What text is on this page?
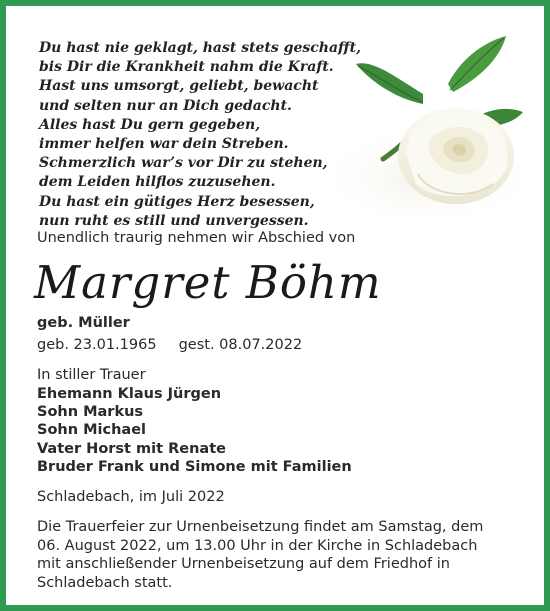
Du hast nie geklagt, hast stets geschafft,
bis Dir die Krankheit nahm die Kraft.
Hast uns umsorgt, geliebt, bewacht
und selten nur an Dich gedacht.
Alles hast Du gern gegeben,
immer helfen war dein Streben.
Schmerzlich war’s vor Dir zu stehen,
dem Leiden hilflos zuzusehen.
Du hast ein gütiges Herz besessen,
nun ruht es still und unvergessen.
Unendlich traurig nehmen wir Abschied von
Margret Böhm
geb. Müller
geb. 23.01.1965 gest. 08.07.2022
In stiller Trauer
Ehemann Klaus Jürgen
Sohn Markus
Sohn Michael
Vater Horst mit Renate
Bruder Frank und Simone mit Familien
Schladebach, im Juli 2022
Die Trauerfeier zur Urnenbeisetzung findet am Samstag, dem
06. August 2022, um 13.00 Uhr in der Kirche in Schladebach
mit anschließender Urnenbeisetzung auf dem Friedhof in
Schladebach statt.
